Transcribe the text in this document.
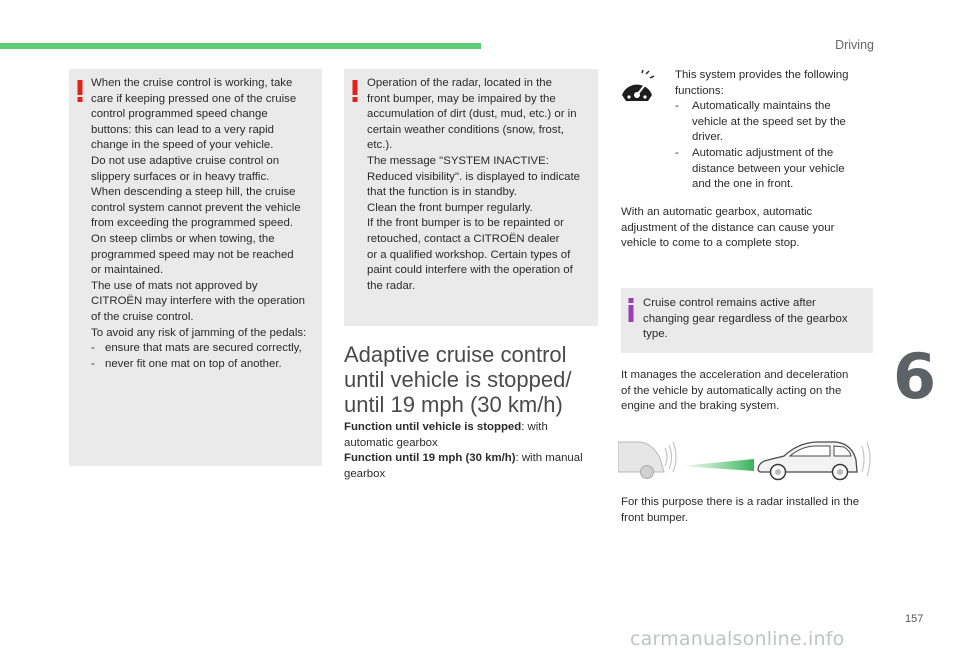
Driving
6
157
carmanualsonline.info
When the cruise control is working, take
care if keeping pressed one of the cruise
control programmed speed change
buttons: this can lead to a very rapid
change in the speed of your vehicle.
Do not use adaptive cruise control on
slippery surfaces or in heavy traffic.
When descending a steep hill, the cruise
control system cannot prevent the vehicle
from exceeding the programmed speed.
On steep climbs or when towing, the
programmed speed may not be reached
or maintained.
The use of mats not approved by
CITROËN may interfere with the operation
of the cruise control.
To avoid any risk of jamming of the pedals:
- ensure that mats are secured correctly,
- never fit one mat on top of another.
Operation of the radar, located in the
front bumper, may be impaired by the
accumulation of dirt (dust, mud, etc.) or in
certain weather conditions (snow, frost,
etc.).
The message "SYSTEM INACTIVE:
Reduced visibility". is displayed to indicate
that the function is in standby.
Clean the front bumper regularly.
If the front bumper is to be repainted or
retouched, contact a CITROËN dealer
or a qualified workshop. Certain types of
paint could interfere with the operation of
the radar.
Adaptive cruise control
until vehicle is stopped/
until 19 mph (30 km/h)
Function until vehicle is stopped: with
automatic gearbox
Function until 19 mph (30 km/h): with manual
gearbox
This system provides the following
functions:
-	Automatically maintains the
vehicle at the speed set by the
driver.
-	Automatic adjustment of the
distance between your vehicle
and the one in front.
With an automatic gearbox, automatic
adjustment of the distance can cause your
vehicle to come to a complete stop.
Cruise control remains active after
changing gear regardless of the gearbox
type.
It manages the acceleration and deceleration
of the vehicle by automatically acting on the
engine and the braking system.
For this purpose there is a radar installed in the
front bumper.
